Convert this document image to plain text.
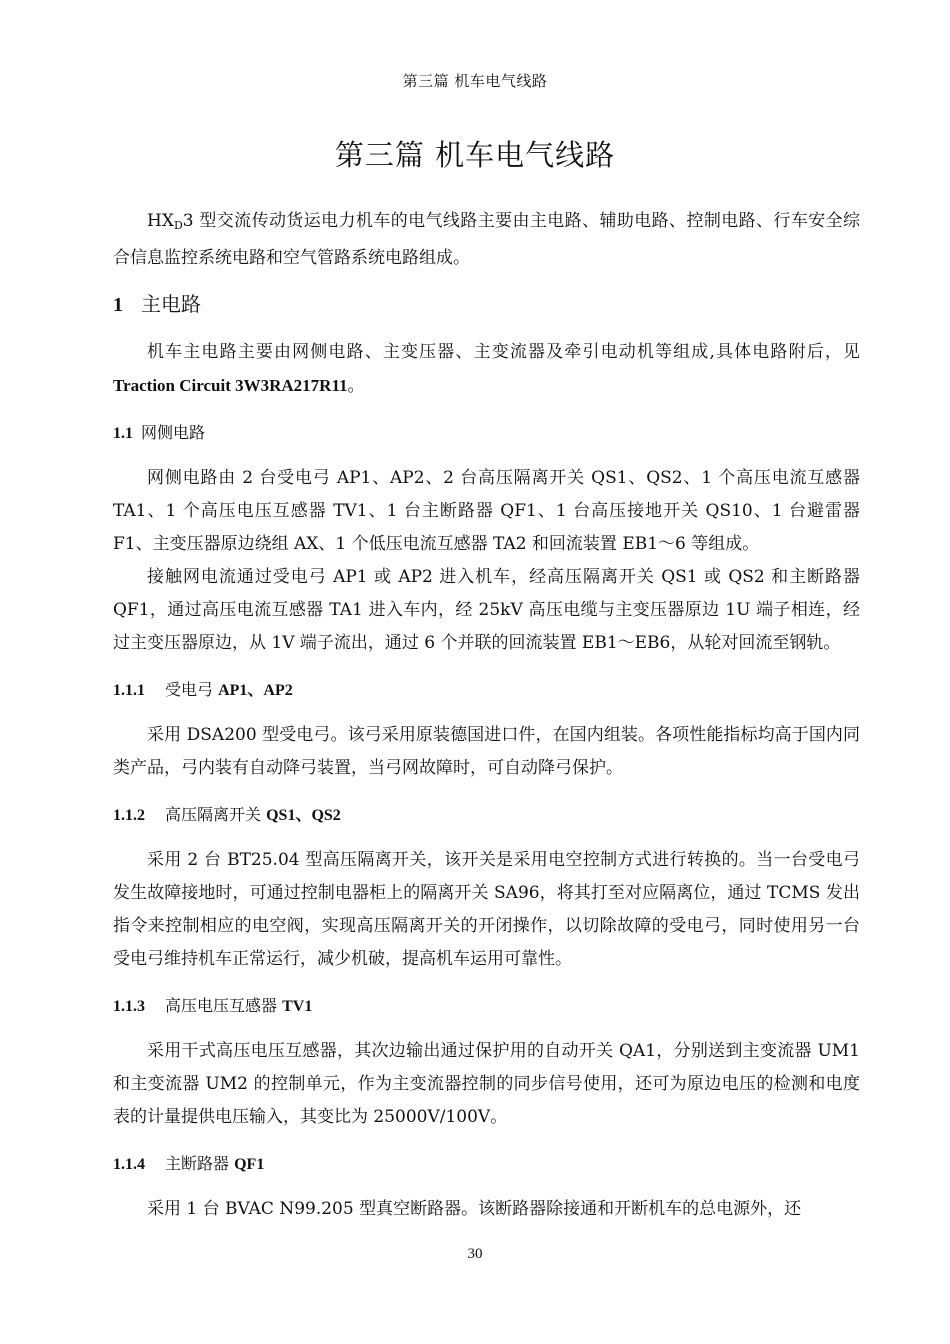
第三篇 机车电气线路
第三篇 机车电气线路

$HX_D3$ 型交流传动货运电力机车的电气线路主要由主电路、辅助电路、控制电路、行车安全综合信息监控系统电路和空气管路系统电路组成。

1 主电路

机车主电路主要由网侧电路、主变压器、主变流器及牵引电动机等组成,具体电路附后，见 Traction Circuit 3W3RA217R11。

1.1 网侧电路

网侧电路由 2 台受电弓 AP1、AP2、2 台高压隔离开关 QS1、QS2、1 个高压电流互感器 TA1、1 个高压电压互感器 TV1、1 台主断路器 QF1、1 台高压接地开关 QS10、1 台避雷器 F1、主变压器原边绕组 AX、1 个低压电流互感器 TA2 和回流装置 EB1～6 等组成。

接触网电流通过受电弓 AP1 或 AP2 进入机车，经高压隔离开关 QS1 或 QS2 和主断路器 QF1，通过高压电流互感器 TA1 进入车内，经 25kV 高压电缆与主变压器原边 1U 端子相连，经过主变压器原边，从 1V 端子流出，通过 6 个并联的回流装置 EB1～EB6，从轮对回流至钢轨。

1.1.1 受电弓 AP1、AP2

采用 DSA200 型受电弓。该弓采用原装德国进口件，在国内组装。各项性能指标均高于国内同类产品，弓内装有自动降弓装置，当弓网故障时，可自动降弓保护。

1.1.2 高压隔离开关 QS1、QS2

采用 2 台 BT25.04 型高压隔离开关，该开关是采用电空控制方式进行转换的。当一台受电弓发生故障接地时，可通过控制电器柜上的隔离开关 SA96，将其打至对应隔离位，通过 TCMS 发出指令来控制相应的电空阀，实现高压隔离开关的开闭操作，以切除故障的受电弓，同时使用另一台受电弓维持机车正常运行，减少机破，提高机车运用可靠性。

1.1.3 高压电压互感器 TV1

采用干式高压电压互感器，其次边输出通过保护用的自动开关 QA1，分别送到主变流器 UM1 和主变流器 UM2 的控制单元，作为主变流器控制的同步信号使用，还可为原边电压的检测和电度表的计量提供电压输入，其变比为 25000V/100V。

1.1.4 主断路器 QF1

采用 1 台 BVAC N99.205 型真空断路器。该断路器除接通和开断机车的总电源外，还

30
